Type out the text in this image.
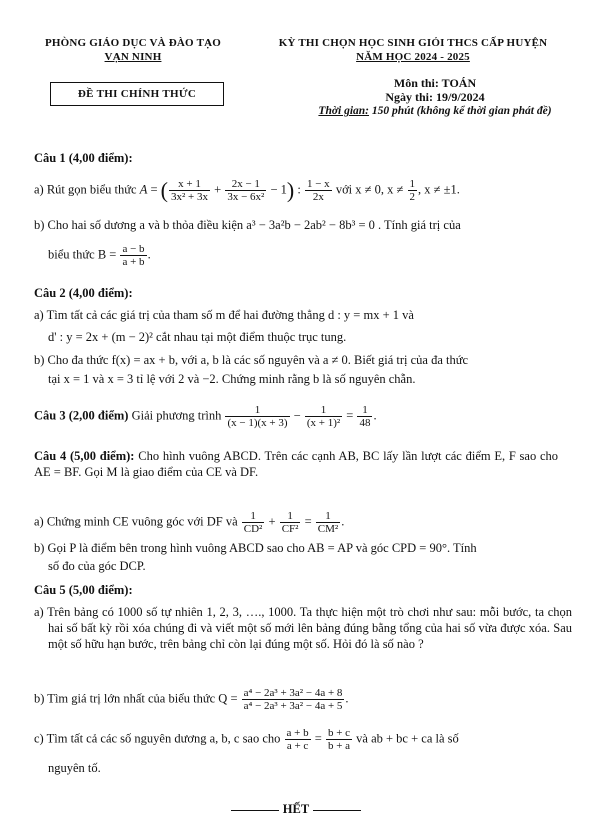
PHÒNG GIÁO DỤC VÀ ĐÀO TẠO
VẠN NINH
KỲ THI CHỌN HỌC SINH GIỎI THCS CẤP HUYỆN
NĂM HỌC 2024 - 2025
ĐỀ THI CHÍNH THỨC
Môn thi: TOÁN
Ngày thi: 19/9/2024
Thời gian: 150 phút (không kể thời gian phát đề)
Câu 1 (4,00 điểm):
a) Rút gọn biểu thức A = ( $\frac{x + 1}{\text{3x² + 3x}} + \frac{2x - 1}{\text{3x − 6x²}} - 1$) : $\frac{1 - x}{2x}$ với x ≠ 0, $x \ne \frac{1}{2}$ , x ≠ ±1.
b) Cho hai số dương a và b thỏa điều kiện a³ − 3a²b − 2ab² − 8b³ = 0 . Tính giá trị của
biểu thức $B = \frac{a - b}{a + b}$ .
Câu 2 (4,00 điểm):
a) Tìm tất cả các giá trị của tham số m để hai đường thẳng d : y = mx + 1 và
d' : y = 2x + (m − 2)² cắt nhau tại một điểm thuộc trục tung.
b) Cho đa thức f(x) = ax + b, với a, b là các số nguyên và a ≠ 0. Biết giá trị của đa thức
tại x = 1 và x = 3 tỉ lệ với 2 và −2. Chứng minh rằng b là số nguyên chẵn.
Câu 3 (2,00 điểm) Giải phương trình $\frac{1}{(x - 1)(x + 3)} - \frac{1}{\text{(x + 1)²}} = \frac{1}{48}$ .
Câu 4 (5,00 điểm): Cho hình vuông ABCD. Trên các cạnh AB, BC lấy lần lượt các điểm E, F sao cho AE = BF. Gọi M là giao điểm của CE và DF.
a) Chứng minh CE vuông góc với DF và $\frac{1}{\text{CD²}} + \frac{1}{\text{CF²}} = \frac{1}{\text{CM²}}$ .
b) Gọi P là điểm bên trong hình vuông ABCD sao cho AB = AP và góc CPD = 90°. Tính
số đo của góc DCP.
Câu 5 (5,00 điểm):
a) Trên bảng có 1000 số tự nhiên 1, 2, 3, …., 1000. Ta thực hiện một trò chơi như sau: mỗi bước, ta chọn hai số bất kỳ rồi xóa chúng đi và viết một số mới lên bảng đúng bằng tổng của hai số vừa được xóa. Sau một số hữu hạn bước, trên bảng chỉ còn lại đúng một số. Hỏi đó là số nào ?
b) Tìm giá trị lớn nhất của biểu thức $Q = \frac{\text{a⁴ − 2a³ + 3a² − 4a + 8}}{\text{a⁴ − 2a³ + 3a² − 4a + 5}}$ .
c) Tìm tất cả các số nguyên dương a, b, c sao cho $\frac{a + b}{a + c} = \frac{b + c}{b + a}$ và ab + bc + ca là số
nguyên tố.
HẾT
